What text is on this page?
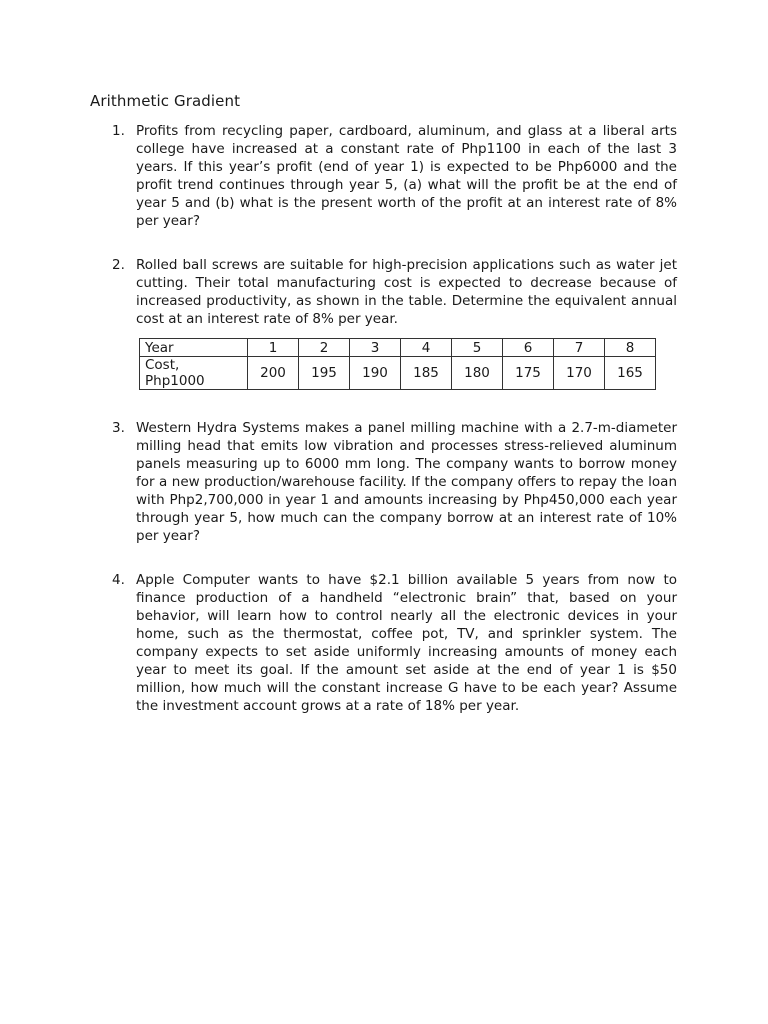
Arithmetic Gradient
1. Profits from recycling paper, cardboard, aluminum, and glass at a liberal arts college have increased at a constant rate of Php1100 in each of the last 3 years. If this year’s profit (end of year 1) is expected to be Php6000 and the profit trend continues through year 5, (a) what will the profit be at the end of year 5 and (b) what is the present worth of the profit at an interest rate of 8% per year?
2. Rolled ball screws are suitable for high-precision applications such as water jet cutting. Their total manufacturing cost is expected to decrease because of increased productivity, as shown in the table. Determine the equivalent annual cost at an interest rate of 8% per year.
Year	1	2	3	4	5	6	7	8
Cost,
Php1000	200	195	190	185	180	175	170	165
3. Western Hydra Systems makes a panel milling machine with a 2.7-m-diameter milling head that emits low vibration and processes stress-relieved aluminum panels measuring up to 6000 mm long. The company wants to borrow money for a new production/warehouse facility. If the company offers to repay the loan with Php2,700,000 in year 1 and amounts increasing by Php450,000 each year through year 5, how much can the company borrow at an interest rate of 10% per year?
4. Apple Computer wants to have $2.1 billion available 5 years from now to finance production of a handheld “electronic brain” that, based on your behavior, will learn how to control nearly all the electronic devices in your home, such as the thermostat, coffee pot, TV, and sprinkler system. The company expects to set aside uniformly increasing amounts of money each year to meet its goal. If the amount set aside at the end of year 1 is $50 million, how much will the constant increase G have to be each year? Assume the investment account grows at a rate of 18% per year.
